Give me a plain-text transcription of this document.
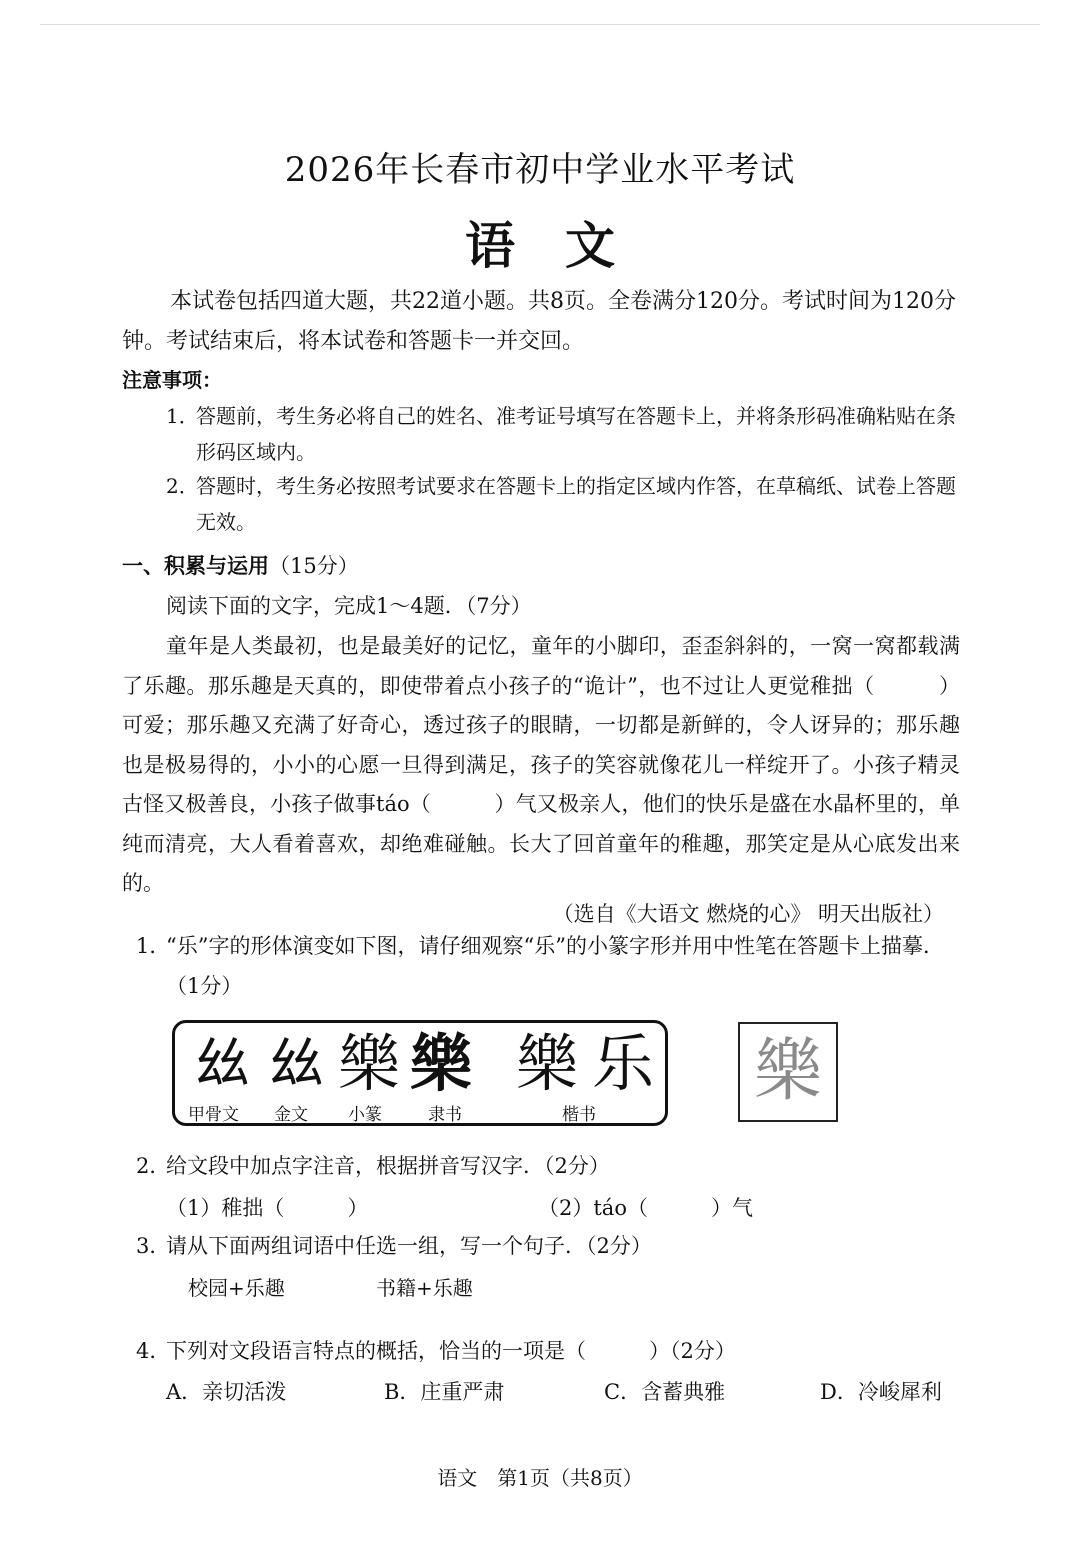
2026年长春市初中学业水平考试
语文
本试卷包括四道大题，共22道小题。共8页。全卷满分120分。考试时间为120分钟。考试结束后，将本试卷和答题卡一并交回。
注意事项：
1．
答题前，考生务必将自己的姓名、准考证号填写在答题卡上，并将条形码准确粘贴在条形码区域内。
2．
答题时，考生务必按照考试要求在答题卡上的指定区域内作答，在草稿纸、试卷上答题无效。
一、积累与运用（15分）
阅读下面的文字，完成1～4题．（7分）
童年是人类最初，也是最美好的记忆，童年的小脚印，歪歪斜斜的，一窝一窝都载满了乐趣。那乐趣是天真的，即使带着点小孩子的“诡计”，也不过让人更觉稚拙（　　　）可爱；那乐趣又充满了好奇心，透过孩子的眼睛，一切都是新鲜的，令人讶异的；那乐趣也是极易得的，小小的心愿一旦得到满足，孩子的笑容就像花儿一样绽开了。小孩子精灵古怪又极善良，小孩子做事táo（　　　）气又极亲人，他们的快乐是盛在水晶杯里的，单纯而清亮，大人看着喜欢，却绝难碰触。长大了回首童年的稚趣，那笑定是从心底发出来的。
（选自《大语文 燃烧的心》 明天出版社）
1．
“乐”字的形体演变如下图，请仔细观察“乐”的小篆字形并用中性笔在答题卡上描摹．（1分）
𢆶 𢆶 樂 樂 樂 乐
甲骨文 金文 小篆	隶书	楷书
樂
2．
给文段中加点字注音，根据拼音写汉字．（2分）
（1）稚拙（　　　）	（2）táo（　　　）气
3．
请从下面两组词语中任选一组，写一个句子．（2分）
校园+乐趣	书籍+乐趣
4．
下列对文段语言特点的概括，恰当的一项是（　　　）（2分）
A．亲切活泼	B．庄重严肃	C．含蓄典雅	D．冷峻犀利
语文　第1页（共8页）
